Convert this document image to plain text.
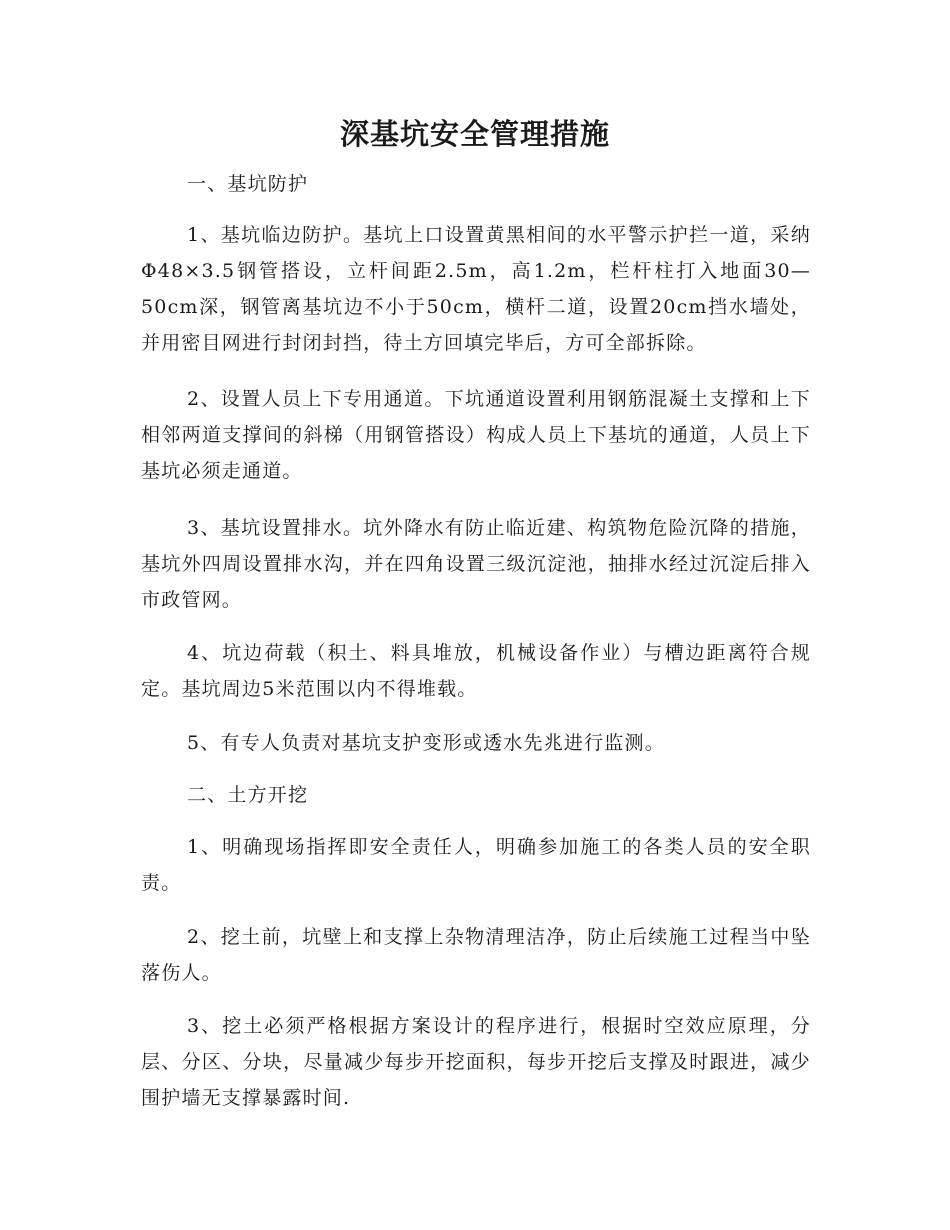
深基坑安全管理措施
一、基坑防护
1、基坑临边防护。基坑上口设置黄黑相间的水平警示护拦一道，采纳Φ48×3.5钢管搭设，立杆间距2.5m，高1.2m，栏杆柱打入地面30—50cm深，钢管离基坑边不小于50cm，横杆二道，设置20cm挡水墙处，并用密目网进行封闭封挡，待土方回填完毕后，方可全部拆除。
2、设置人员上下专用通道。下坑通道设置利用钢筋混凝土支撑和上下相邻两道支撑间的斜梯（用钢管搭设）构成人员上下基坑的通道，人员上下基坑必须走通道。
3、基坑设置排水。坑外降水有防止临近建、构筑物危险沉降的措施，基坑外四周设置排水沟，并在四角设置三级沉淀池，抽排水经过沉淀后排入市政管网。
4、坑边荷载（积土、料具堆放，机械设备作业）与槽边距离符合规定。基坑周边5米范围以内不得堆载。
5、有专人负责对基坑支护变形或透水先兆进行监测。
二、土方开挖
1、明确现场指挥即安全责任人，明确参加施工的各类人员的安全职责。
2、挖土前，坑壁上和支撑上杂物清理洁净，防止后续施工过程当中坠落伤人。
3、挖土必须严格根据方案设计的程序进行，根据时空效应原理，分层、分区、分块，尽量减少每步开挖面积，每步开挖后支撑及时跟进，减少围护墙无支撑暴露时间.
